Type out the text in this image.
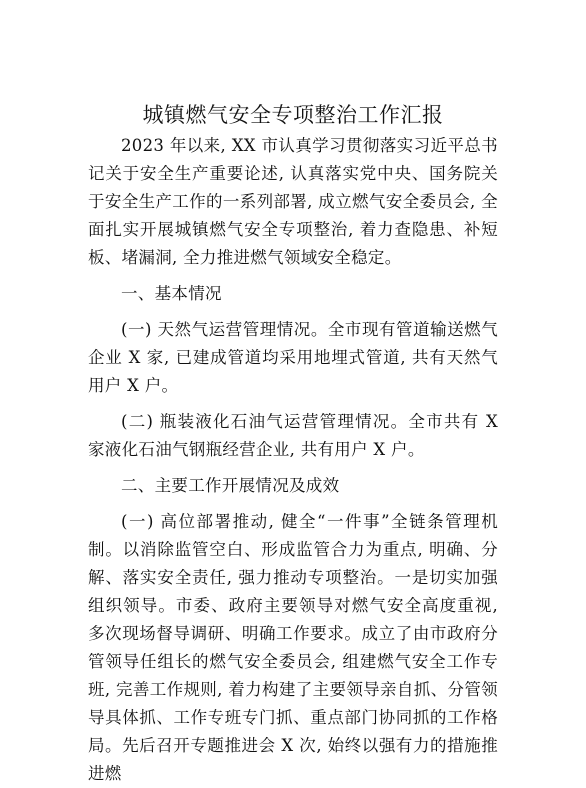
城镇燃气安全专项整治工作汇报

2023 年以来, XX 市认真学习贯彻落实习近平总书记关于安全生产重要论述, 认真落实党中央、国务院关于安全生产工作的一系列部署, 成立燃气安全委员会, 全面扎实开展城镇燃气安全专项整治, 着力查隐患、补短板、堵漏洞, 全力推进燃气领域安全稳定。

一、基本情况

(一) 天然气运营管理情况。全市现有管道输送燃气企业 X 家, 已建成管道均采用地埋式管道, 共有天然气用户 X 户。

(二) 瓶装液化石油气运营管理情况。全市共有 X 家液化石油气钢瓶经营企业, 共有用户 X 户。

二、主要工作开展情况及成效

(一) 高位部署推动, 健全“一件事”全链条管理机制。以消除监管空白、形成监管合力为重点, 明确、分解、落实安全责任, 强力推动专项整治。一是切实加强组织领导。市委、政府主要领导对燃气安全高度重视, 多次现场督导调研、明确工作要求。成立了由市政府分管领导任组长的燃气安全委员会, 组建燃气安全工作专班, 完善工作规则, 着力构建了主要领导亲自抓、分管领导具体抓、工作专班专门抓、重点部门协同抓的工作格局。先后召开专题推进会 X 次, 始终以强有力的措施推进燃
